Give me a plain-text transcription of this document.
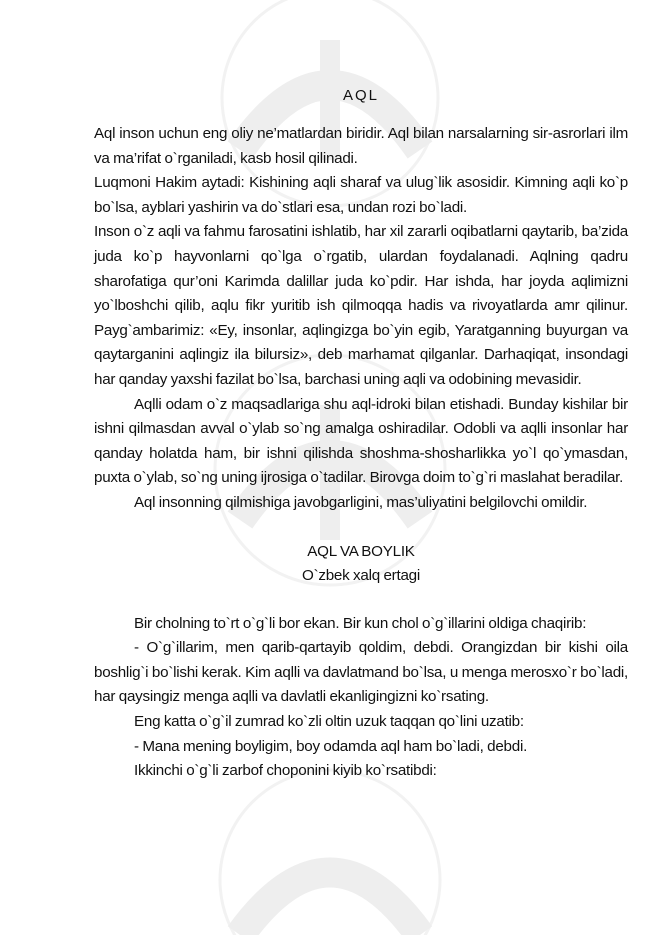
AQL

Aql inson uchun eng oliy ne’matlardan biridir. Aql bilan narsalarning sir-asrorlari ilm va ma’rifat o`rganiladi, kasb hosil qilinadi.

Luqmoni Hakim aytadi: Kishining aqli sharaf va ulug`lik asosidir. Kimning aqli ko`p bo`lsa, ayblari yashirin va do`stlari esa, undan rozi bo`ladi.

Inson o`z aqli va fahmu farosatini ishlatib, har xil zararli oqibatlarni qaytarib, ba’zida juda ko`p hayvonlarni qo`lga o`rgatib, ulardan foydalanadi. Aqlning qadru sharofatiga qur’oni Karimda dalillar juda ko`pdir. Har ishda, har joyda aqlimizni yo`lboshchi qilib, aqlu fikr yuritib ish qilmoqqa hadis va rivoyatlarda amr qilinur. Payg`ambarimiz: «Ey, insonlar, aqlingizga bo`yin egib, Yaratganning buyurgan va qaytarganini aqlingiz ila bilursiz», deb marhamat qilganlar. Darhaqiqat, insondagi har qanday yaxshi fazilat bo`lsa, barchasi uning aqli va odobining mevasidir.

Aqlli odam o`z maqsadlariga shu aql-idroki bilan etishadi. Bunday kishilar bir ishni qilmasdan avval o`ylab so`ng amalga oshiradilar. Odobli va aqlli insonlar har qanday holatda ham, bir ishni qilishda shoshma-shosharlikka yo`l qo`ymasdan, puxta o`ylab, so`ng uning ijrosiga o`tadilar. Birovga doim to`g`ri maslahat beradilar.

Aql insonning qilmishiga javobgarligini, mas’uliyatini belgilovchi omildir.

AQL VA BOYLIK

O`zbek xalq ertagi

Bir cholning to`rt o`g`li bor ekan. Bir kun chol o`g`illarini oldiga chaqirib:

- O`g`illarim, men qarib-qartayib qoldim, debdi. Orangizdan bir kishi oila boshlig`i bo`lishi kerak. Kim aqlli va davlatmand bo`lsa, u menga merosxo`r bo`ladi, har qaysingiz menga aqlli va davlatli ekanligingizni ko`rsating.

Eng katta o`g`il zumrad ko`zli oltin uzuk taqqan qo`lini uzatib:

- Mana mening boyligim, boy odamda aql ham bo`ladi, debdi.

Ikkinchi o`g`li zarbof choponini kiyib ko`rsatibdi:
